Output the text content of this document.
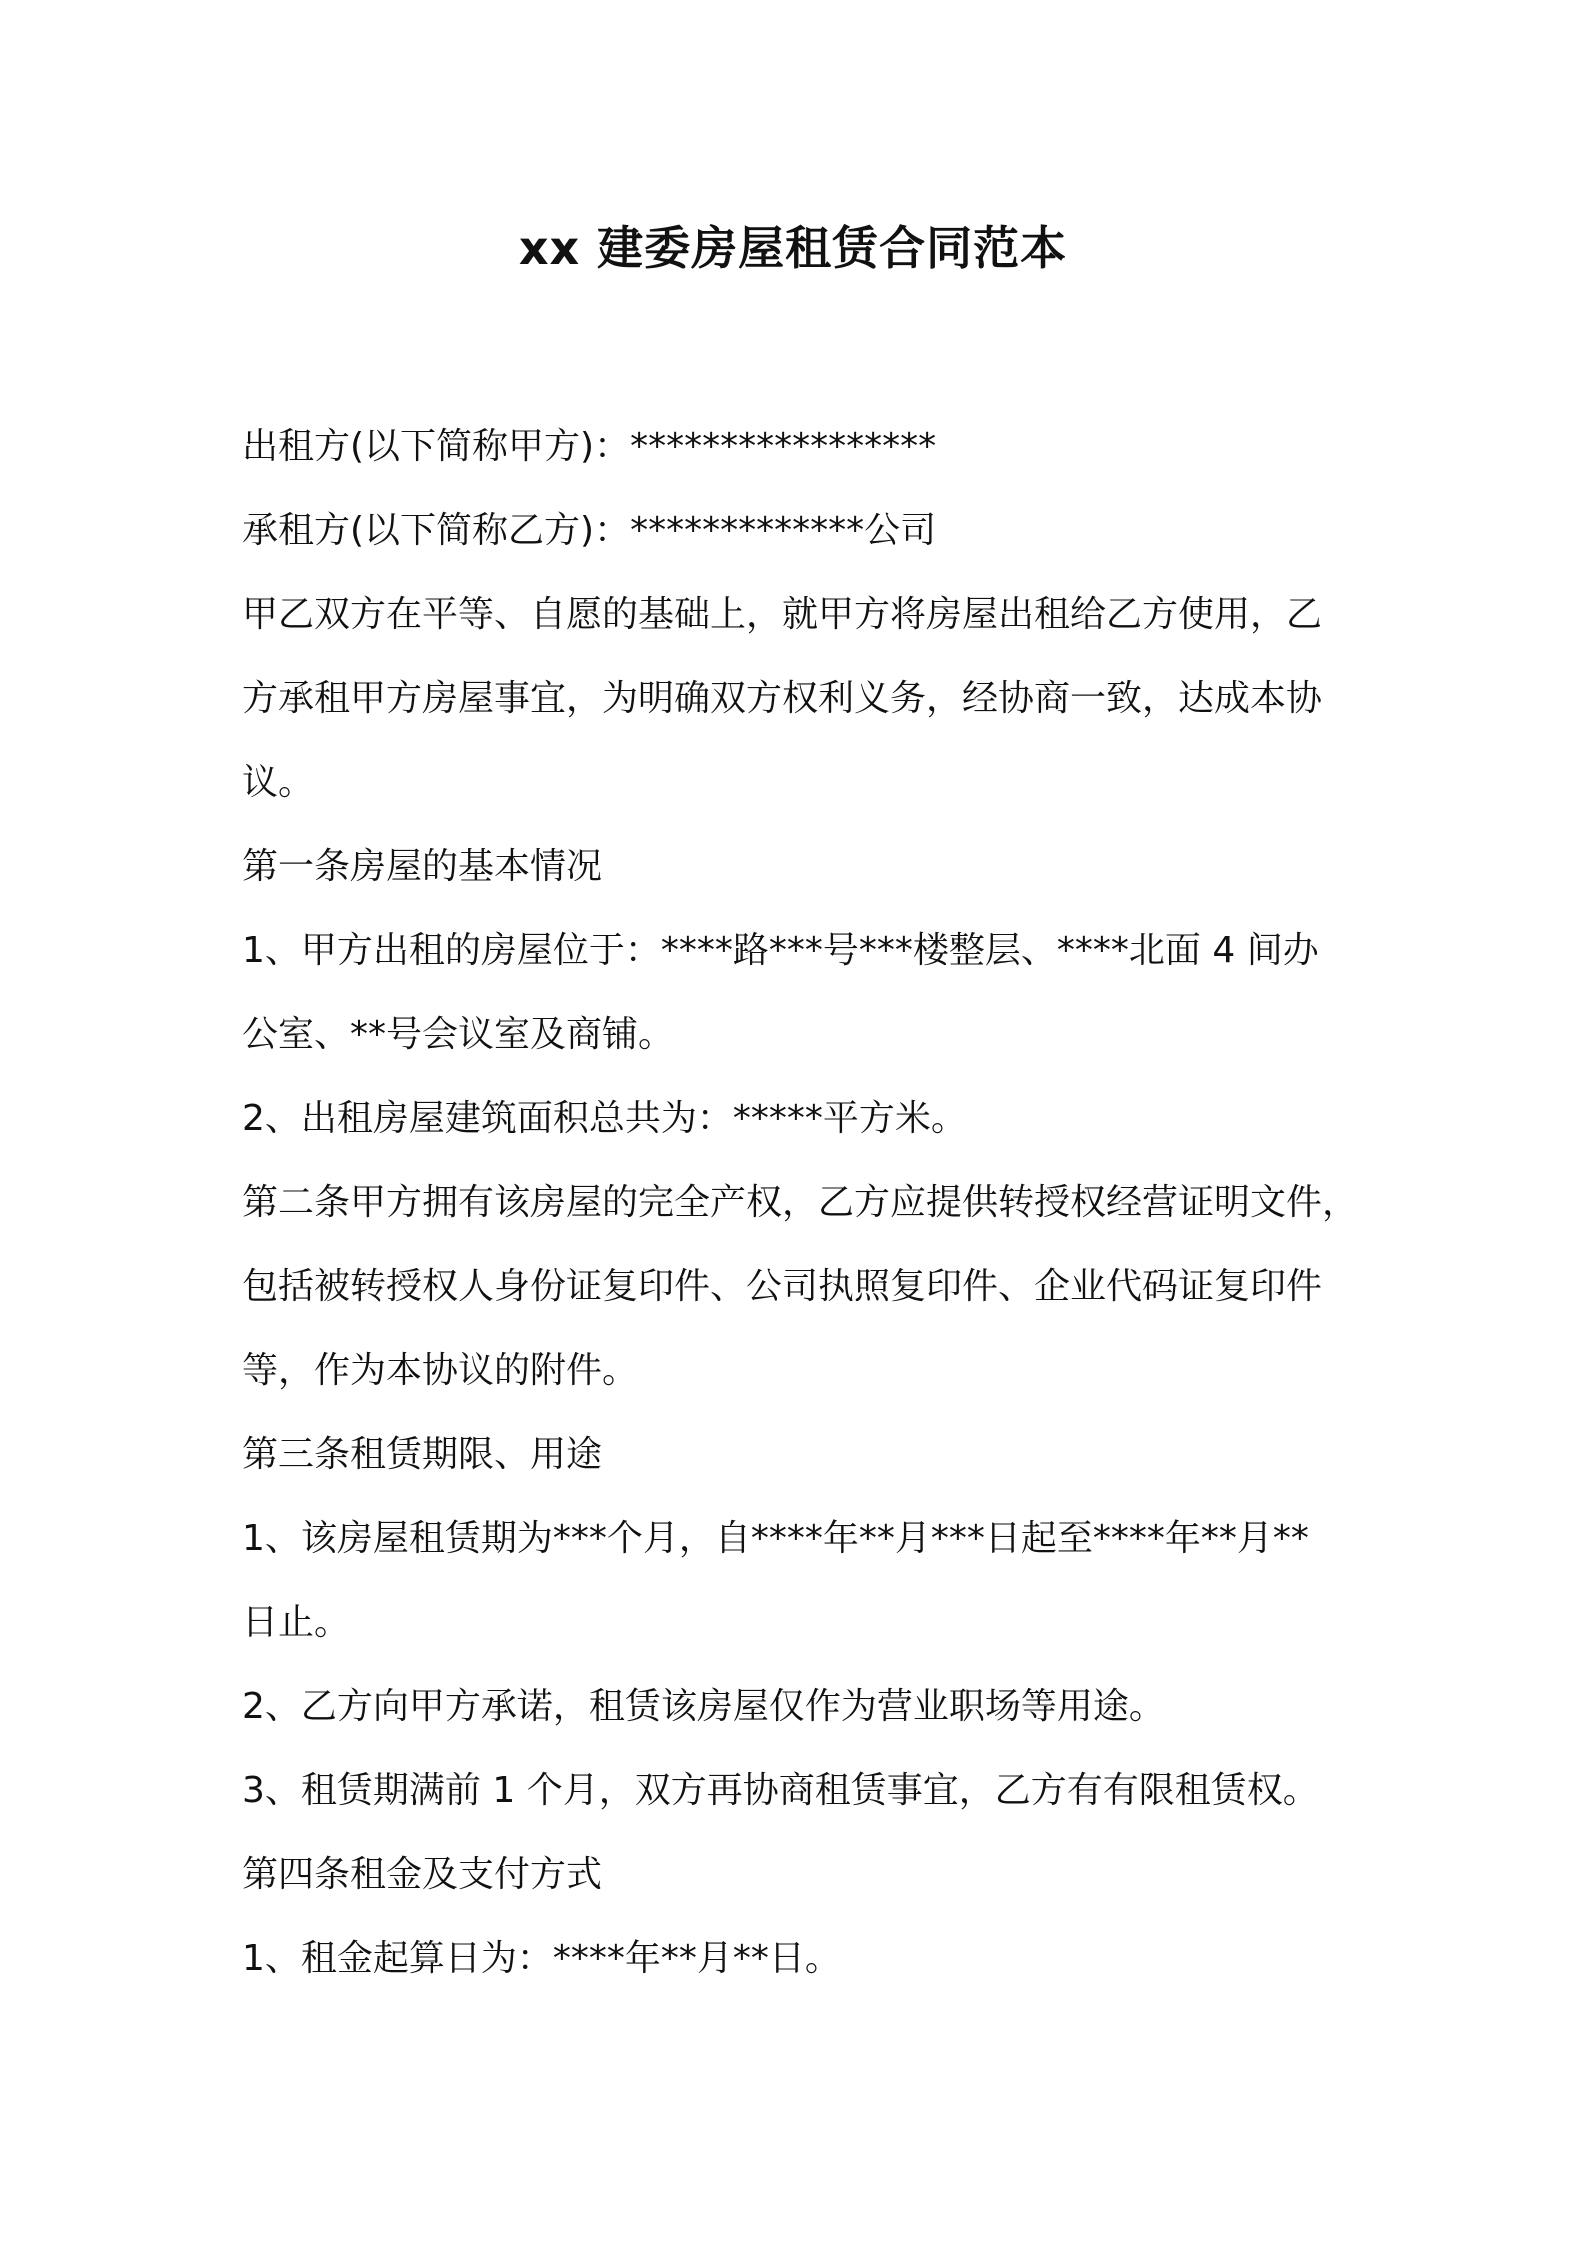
xx 建委房屋租赁合同范本

出租方(以下简称甲方)：*****************

承租方(以下简称乙方)：*************公司

甲乙双方在平等、自愿的基础上，就甲方将房屋出租给乙方使用，乙

方承租甲方房屋事宜，为明确双方权利义务，经协商一致，达成本协

议。

第一条房屋的基本情况

1、甲方出租的房屋位于：****路***号***楼整层、****北面 4 间办

公室、**号会议室及商铺。

2、出租房屋建筑面积总共为：*****平方米。

第二条甲方拥有该房屋的完全产权，乙方应提供转授权经营证明文件，

包括被转授权人身份证复印件、公司执照复印件、企业代码证复印件

等，作为本协议的附件。

第三条租赁期限、用途

1、该房屋租赁期为***个月，自****年**月***日起至****年**月**

日止。

2、乙方向甲方承诺，租赁该房屋仅作为营业职场等用途。

3、租赁期满前 1 个月，双方再协商租赁事宜，乙方有有限租赁权。

第四条租金及支付方式

1、租金起算日为：****年**月**日。
